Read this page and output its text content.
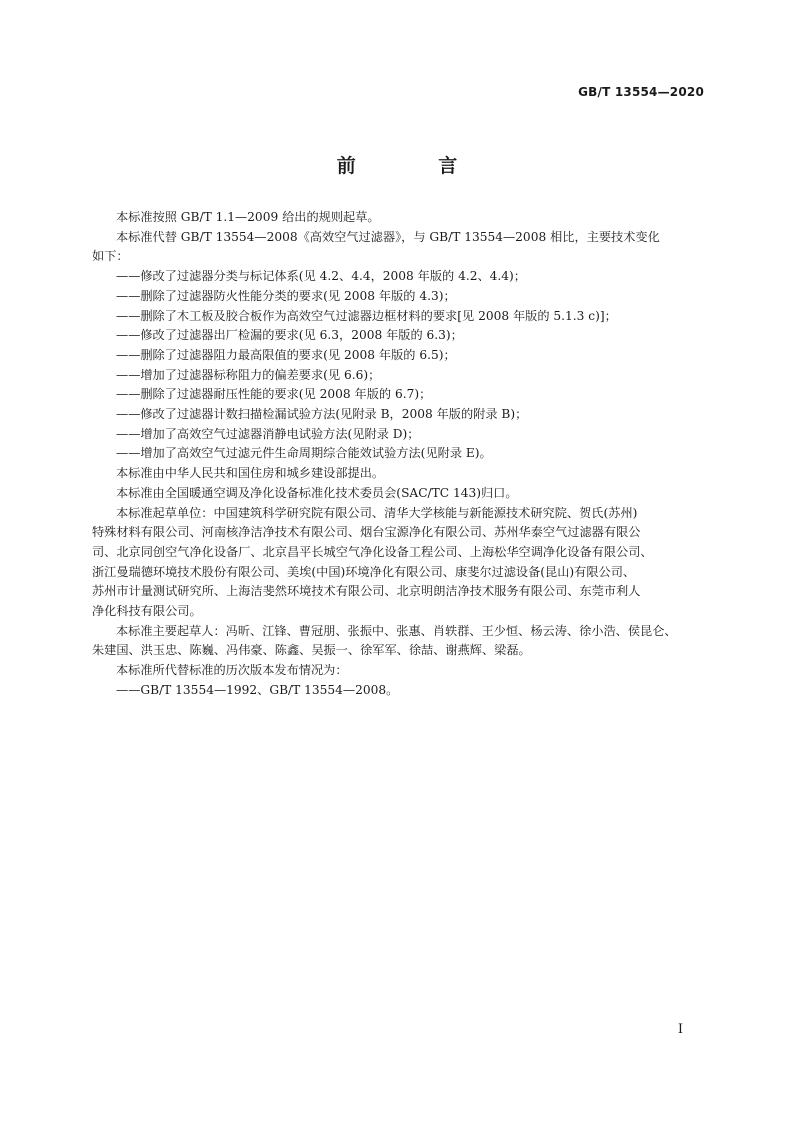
GB/T 13554—2020
前 言

本标准按照 GB/T 1.1—2009 给出的规则起草。

本标准代替 GB/T 13554—2008《高效空气过滤器》，与 GB/T 13554—2008 相比，主要技术变化

如下：

——修改了过滤器分类与标记体系(见 4.2、4.4，2008 年版的 4.2、4.4)；

——删除了过滤器防火性能分类的要求(见 2008 年版的 4.3)；

——删除了木工板及胶合板作为高效空气过滤器边框材料的要求[见 2008 年版的 5.1.3 c)]；

——修改了过滤器出厂检漏的要求(见 6.3，2008 年版的 6.3)；

——删除了过滤器阻力最高限值的要求(见 2008 年版的 6.5)；

——增加了过滤器标称阻力的偏差要求(见 6.6)；

——删除了过滤器耐压性能的要求(见 2008 年版的 6.7)；

——修改了过滤器计数扫描检漏试验方法(见附录 B，2008 年版的附录 B)；

——增加了高效空气过滤器消静电试验方法(见附录 D)；

——增加了高效空气过滤元件生命周期综合能效试验方法(见附录 E)。

本标准由中华人民共和国住房和城乡建设部提出。

本标准由全国暖通空调及净化设备标准化技术委员会(SAC/TC 143)归口。

本标准起草单位：中国建筑科学研究院有限公司、清华大学核能与新能源技术研究院、贺氏(苏州)

特殊材料有限公司、河南核净洁净技术有限公司、烟台宝源净化有限公司、苏州华泰空气过滤器有限公

司、北京同创空气净化设备厂、北京昌平长城空气净化设备工程公司、上海松华空调净化设备有限公司、

浙江曼瑞德环境技术股份有限公司、美埃(中国)环境净化有限公司、康斐尔过滤设备(昆山)有限公司、

苏州市计量测试研究所、上海洁斐然环境技术有限公司、北京明朗洁净技术服务有限公司、东莞市利人

净化科技有限公司。

本标准主要起草人：冯昕、江锋、曹冠朋、张振中、张惠、肖轶群、王少恒、杨云涛、徐小浩、侯昆仑、

朱建国、洪玉忠、陈巍、冯伟豪、陈鑫、吴振一、徐军军、徐喆、谢燕辉、梁磊。

本标准所代替标准的历次版本发布情况为：

——GB/T 13554—1992、GB/T 13554—2008。

I
